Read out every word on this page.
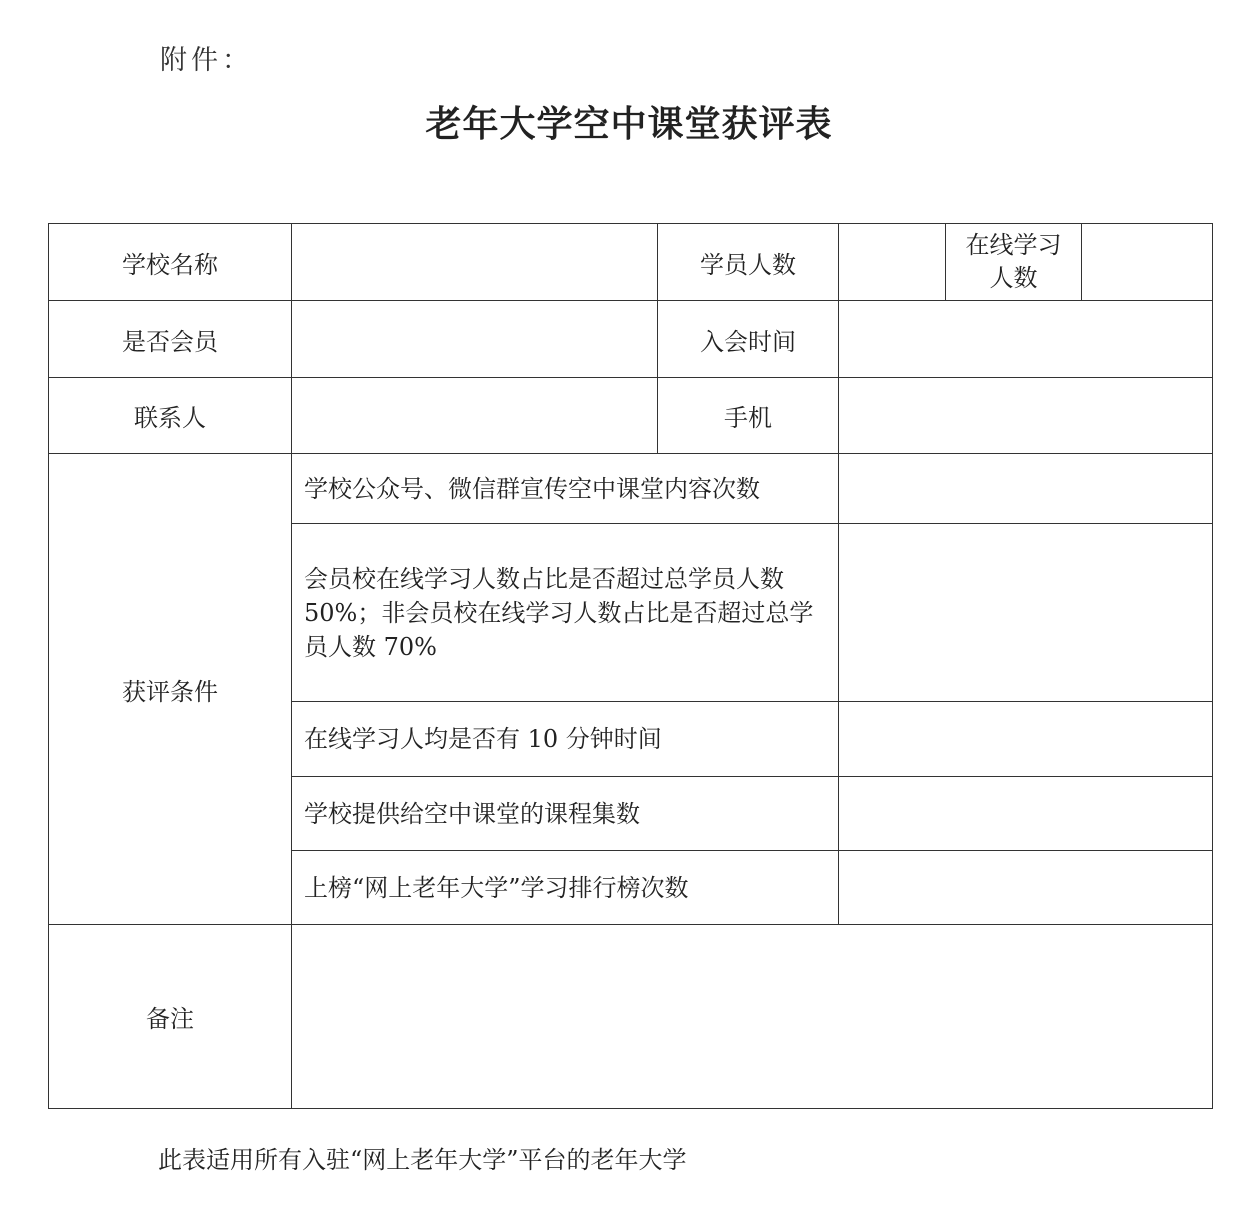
附件：
老年大学空中课堂获评表
学校名称		学员人数		在线学习
人数	

是否会员		入会时间			
联系人		手机			
获评条件	学校公众号、微信群宣传空中课堂内容次数				
	会员校在线学习人数占比是否超过总学员人数50%；非会员校在线学习人数占比是否超过总学员人数 70%				
	在线学习人均是否有 10 分钟时间				
	学校提供给空中课堂的课程集数				
	上榜“网上老年大学”学习排行榜次数				
备注					
此表适用所有入驻“网上老年大学”平台的老年大学
